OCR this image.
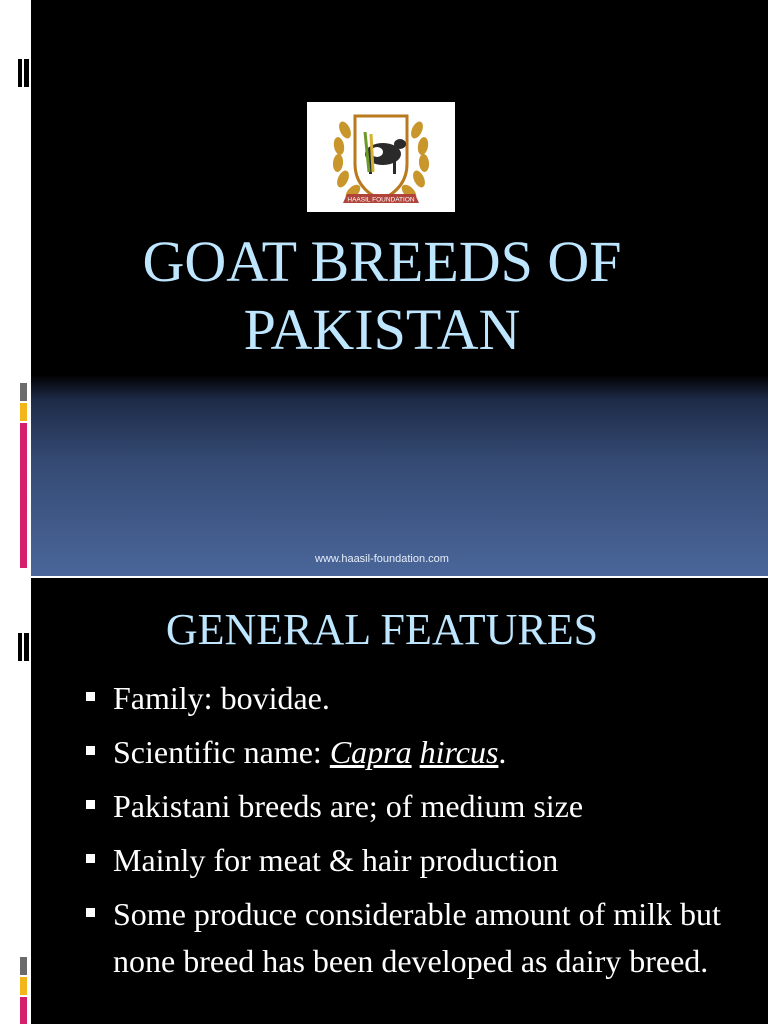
HAASIL FOUNDATION
GOAT BREEDS OF
PAKISTAN
www.haasil-foundation.com
GENERAL FEATURES
Family: bovidae.
Scientific name: Capra hircus.
Pakistani breeds are; of medium size
Mainly for meat & hair production
Some produce considerable amount of milk but none breed has been developed as dairy breed.
